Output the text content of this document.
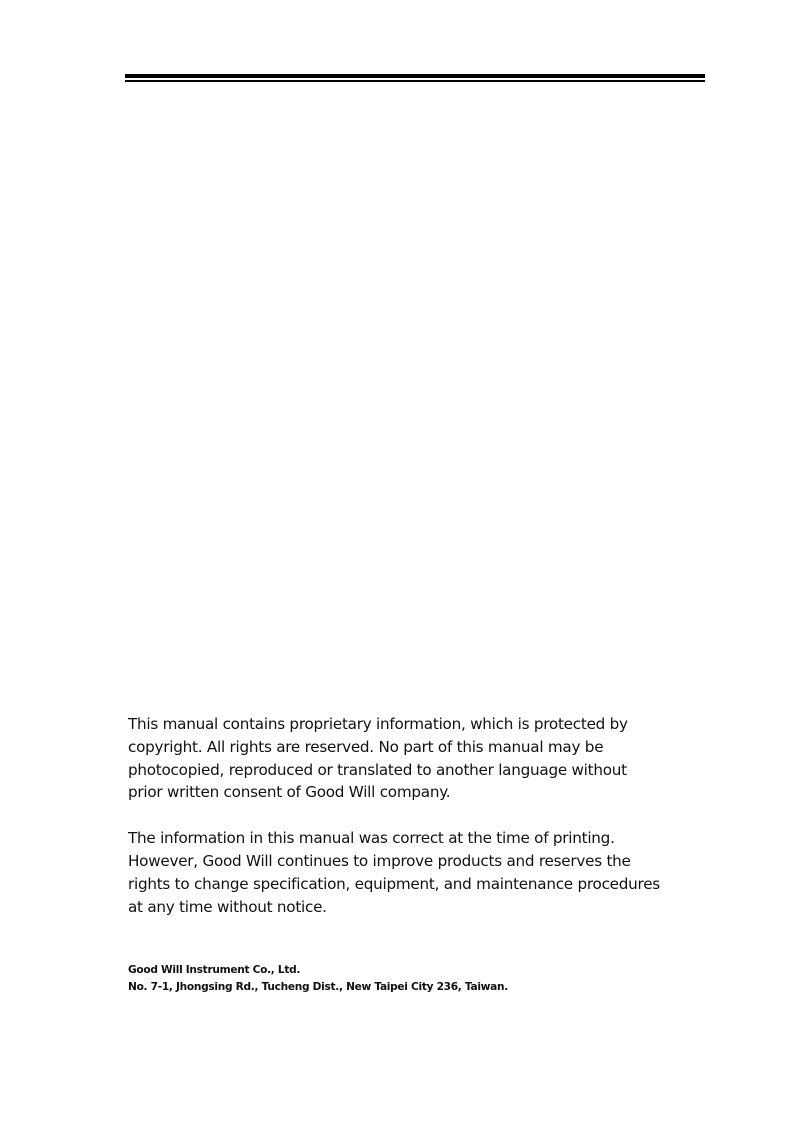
This manual contains proprietary information, which is protected by
copyright. All rights are reserved. No part of this manual may be
photocopied, reproduced or translated to another language without
prior written consent of Good Will company.

The information in this manual was correct at the time of printing.
However, Good Will continues to improve products and reserves the
rights to change specification, equipment, and maintenance procedures
at any time without notice.

Good Will Instrument Co., Ltd.
No. 7-1, Jhongsing Rd., Tucheng Dist., New Taipei City 236, Taiwan.
